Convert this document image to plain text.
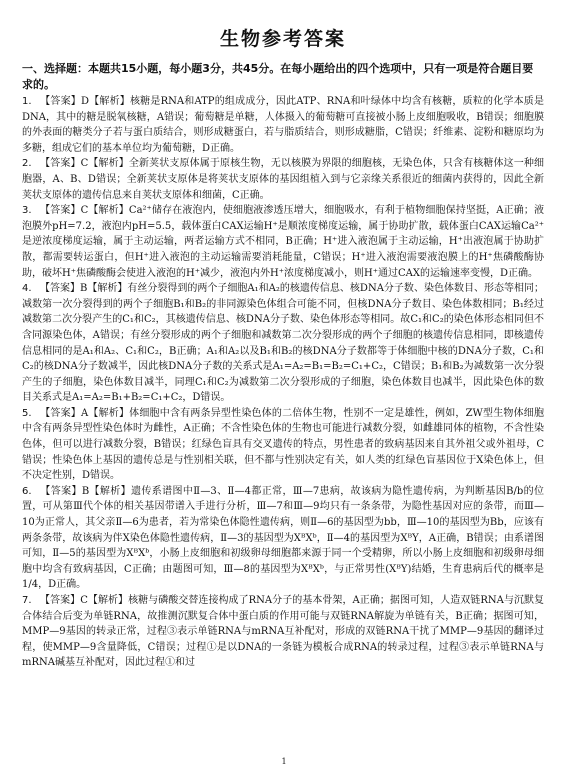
生物参考答案
一、选择题：本题共15小题，每小题3分，共45分。在每小题给出的四个选项中，只有一项是符合题目要求的。
1. 【答案】D【解析】核糖是RNA和ATP的组成成分，因此ATP、RNA和叶绿体中均含有核糖，质粒的化学本质是DNA，其中的糖是脱氧核糖，A错误；葡萄糖是单糖，人体摄入的葡萄糖可直接被小肠上皮细胞吸收，B错误；细胞膜的外表面的糖类分子若与蛋白质结合，则形成糖蛋白，若与脂质结合，则形成糖脂，C错误；纤维素、淀粉和糖原均为多糖，组成它们的基本单位均为葡萄糖，D正确。
2. 【答案】C【解析】全新荚状支原体属于原核生物，无以核膜为界限的细胞核，无染色体，只含有核糖体这一种细胞器，A、B、D错误；全新荚状支原体是将荚状支原体的基因组植入到与它亲缘关系很近的细菌内获得的，因此全新荚状支原体的遗传信息来自荚状支原体和细菌，C正确。
3. 【答案】C【解析】Ca²⁺储存在液泡内，使细胞液渗透压增大，细胞吸水，有利于植物细胞保持坚挺，A正确；液泡膜外pH=7.2，液泡内pH=5.5，载体蛋白CAX运输H⁺是顺浓度梯度运输，属于协助扩散，载体蛋白CAX运输Ca²⁺是逆浓度梯度运输，属于主动运输，两者运输方式不相同，B正确；H⁺进入液泡属于主动运输，H⁺出液泡属于协助扩散，都需要转运蛋白，但H⁺进入液泡的主动运输需要消耗能量，C错误；H⁺进入液泡需要液泡膜上的H⁺焦磷酸酶协助，破坏H⁺焦磷酸酶会使进入液泡的H⁺减少，液泡内外H⁺浓度梯度减小，则H⁺通过CAX的运输速率变慢，D正确。
4. 【答案】B【解析】有丝分裂得到的两个子细胞A₁和A₂的核遗传信息、核DNA分子数、染色体数目、形态等相同；减数第一次分裂得到的两个子细胞B₁和B₂的非同源染色体组合可能不同，但核DNA分子数目、染色体数相同；B₁经过减数第二次分裂产生的C₁和C₂，其核遗传信息、核DNA分子数、染色体形态等相同。故C₁和C₂的染色体形态相同但不含同源染色体，A错误；有丝分裂形成的两个子细胞和减数第二次分裂形成的两个子细胞的核遗传信息相同，即核遗传信息相同的是A₁和A₂、C₁和C₂，B正确；A₁和A₂以及B₁和B₂的核DNA分子数都等于体细胞中核的DNA分子数，C₁和C₂的核DNA分子数减半，因此核DNA分子数的关系式是A₁=A₂=B₁=B₂=C₁+C₂，C错误；B₁和B₂为减数第一次分裂产生的子细胞，染色体数目减半，同理C₁和C₂为减数第二次分裂形成的子细胞，染色体数目也减半，因此染色体的数目关系式是A₁=A₂=B₁+B₂=C₁+C₂，D错误。
5. 【答案】A【解析】体细胞中含有两条异型性染色体的二倍体生物，性别不一定是雄性，例如，ZW型生物体细胞中含有两条异型性染色体时为雌性，A正确；不含性染色体的生物也可能进行减数分裂，如雌雄同体的植物，不含性染色体，但可以进行减数分裂，B错误；红绿色盲具有交叉遗传的特点，男性患者的致病基因来自其外祖父或外祖母，C错误；性染色体上基因的遗传总是与性别相关联，但不都与性别决定有关，如人类的红绿色盲基因位于X染色体上，但不决定性别，D错误。
6. 【答案】B【解析】遗传系谱图中Ⅱ—3、Ⅱ—4都正常，Ⅲ—7患病，故该病为隐性遗传病，为判断基因B/b的位置，可从第Ⅲ代个体的相关基因带谱入手进行分析，Ⅲ—7和Ⅲ—9均只有一条条带，为隐性基因对应的条带，而Ⅲ—10为正常人，其父亲Ⅱ—6为患者，若为常染色体隐性遗传病，则Ⅱ—6的基因型为bb，Ⅲ—10的基因型为Bb，应该有两条条带，故该病为伴X染色体隐性遗传病，Ⅱ—3的基因型为XᴮXᵇ，Ⅱ—4的基因型为XᴮY，A正确，B错误；由系谱图可知，Ⅱ—5的基因型为XᴮXᵇ，小肠上皮细胞和初级卵母细胞都来源于同一个受精卵，所以小肠上皮细胞和初级卵母细胞中均含有致病基因，C正确；由题图可知，Ⅲ—8的基因型为XᴮXᵇ，与正常男性(XᴮY)结婚，生育患病后代的概率是1/4，D正确。
7. 【答案】C【解析】核糖与磷酸交替连接构成了RNA分子的基本骨架，A正确；据图可知，人造双链RNA与沉默复合体结合后变为单链RNA，故推测沉默复合体中蛋白质的作用可能与双链RNA解旋为单链有关，B正确；据图可知，MMP—9基因的转录正常，过程③表示单链RNA与mRNA互补配对，形成的双链RNA干扰了MMP—9基因的翻译过程，使MMP—9含量降低，C错误；过程①是以DNA的一条链为模板合成RNA的转录过程，过程③表示单链RNA与mRNA碱基互补配对，因此过程①和过
1
